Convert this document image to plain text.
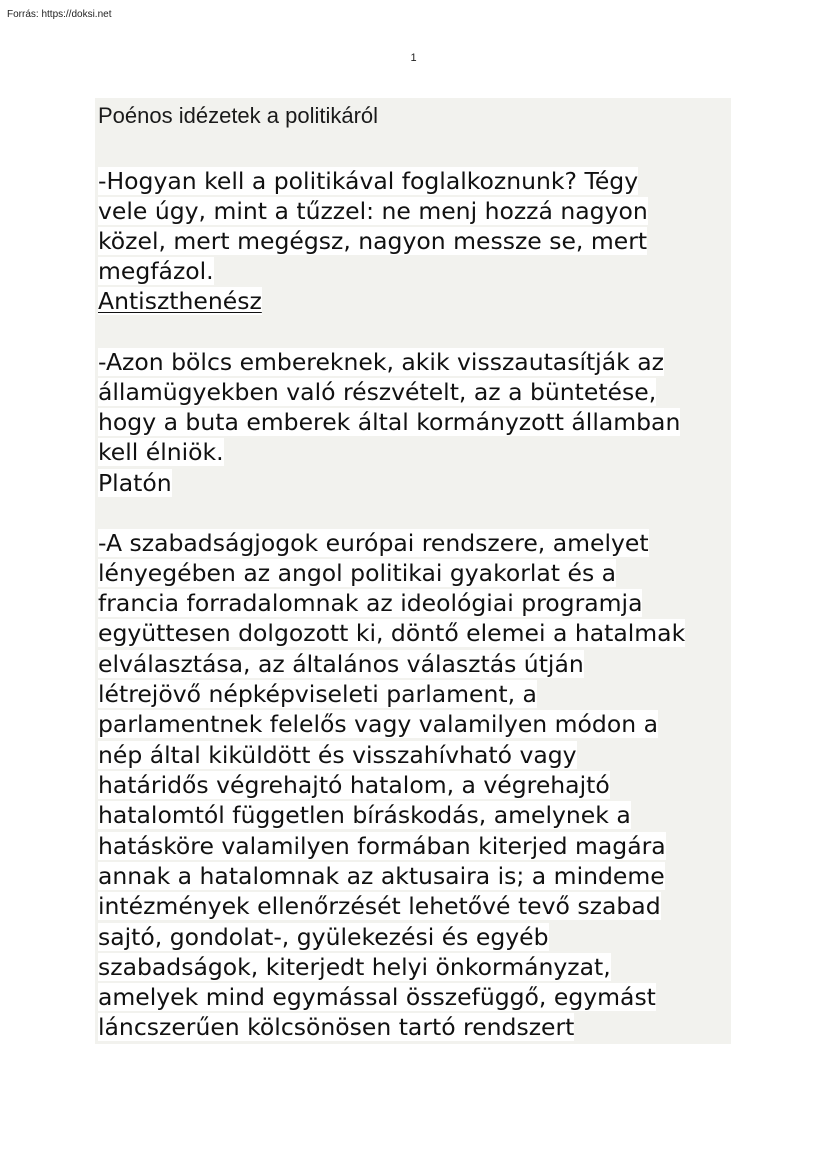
Forrás: https://doksi.net
1
Poénos idézetek a politikáról
-Hogyan kell a politikával foglalkoznunk? Tégy
vele úgy, mint a tűzzel: ne menj hozzá nagyon
közel, mert megégsz, nagyon messze se, mert
megfázol.
Antiszthenész
-Azon bölcs embereknek, akik visszautasítják az
államügyekben való részvételt, az a büntetése,
hogy a buta emberek által kormányzott államban
kell élniök.
Platón
-A szabadságjogok európai rendszere, amelyet
lényegében az angol politikai gyakorlat és a
francia forradalomnak az ideológiai programja
együttesen dolgozott ki, döntő elemei a hatalmak
elválasztása, az általános választás útján
létrejövő népképviseleti parlament, a
parlamentnek felelős vagy valamilyen módon a
nép által kiküldött és visszahívható vagy
határidős végrehajtó hatalom, a végrehajtó
hatalomtól független bíráskodás, amelynek a
hatásköre valamilyen formában kiterjed magára
annak a hatalomnak az aktusaira is; a mindeme
intézmények ellenőrzését lehetővé tevő szabad
sajtó, gondolat-, gyülekezési és egyéb
szabadságok, kiterjedt helyi önkormányzat,
amelyek mind egymással összefüggő, egymást
láncszerűen kölcsönösen tartó rendszert
